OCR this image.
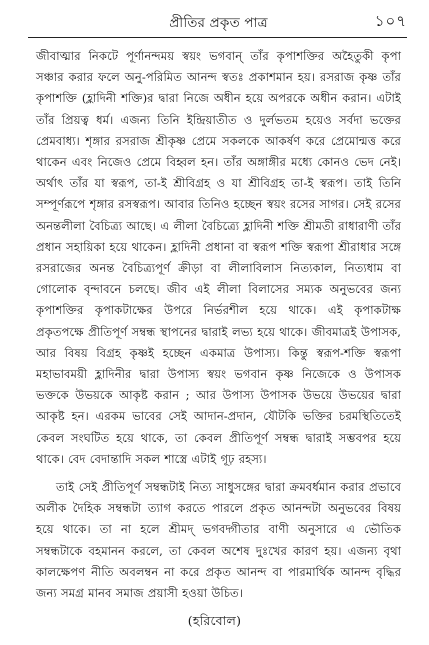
প্রীতির প্রকৃত পাত্র	১০৭

জীবাত্মার নিকটে পূর্ণানন্দময় স্বয়ং ভগবান্‌ তাঁর কৃপাশক্তির অহৈতুকী কৃপা সঞ্চার করার ফলে অনু-পরিমিত আনন্দ স্বতঃ প্রকাশমান হয়। রসরাজ কৃষ্ণ তাঁর কৃপাশক্তি (হ্লাদিনী শক্তি)র দ্বারা নিজে অধীন হয়ে অপরকে অধীন করান। এটাই তাঁর প্রিয়ত্ব ধর্ম। এজন্য তিনি ইন্দ্রিয়াতীত ও দুর্লভতম হয়েও সর্বদা ভক্তের প্রেমবাধ্য। শৃঙ্গার রসরাজ শ্রীকৃষ্ণ প্রেমে সকলকে আকর্ষণ করে প্রেমোন্মত্ত করে থাকেন এবং নিজেও প্রেমে বিহ্বল হন। তাঁর অঙ্গাঙ্গীর মধ্যে কোনও ভেদ নেই। অর্থাৎ তাঁর যা স্বরূপ, তা-ই শ্রীবিগ্রহ ও যা শ্রীবিগ্রহ তা-ই স্বরূপ। তাই তিনি সম্পূর্ণরূপে শৃঙ্গার রসস্বরূপ। আবার তিনিও হচ্ছেন স্বয়ং রসের সাগর। সেই রসের অনন্তলীলা বৈচিত্র্য আছে। এ লীলা বৈচিত্র্যে হ্লাদিনী শক্তি শ্রীমতী রাধারাণী তাঁর প্রধান সহায়িকা হয়ে থাকেন। হ্লাদিনী প্রধানা বা স্বরূপ শক্তি স্বরূপা শ্রীরাধার সঙ্গে রসরাজের অনন্ত বৈচিত্র্যপূর্ণ ক্রীড়া বা লীলাবিলাস নিত্যকাল, নিত্যধাম বা গোলোক বৃন্দাবনে চলছে। জীব এই লীলা বিলাসের সম্যক অনুভবের জন্য কৃপাশক্তির কৃপাকটাক্ষের উপরে নির্ভরশীল হয়ে থাকে। এই কৃপাকটাক্ষ প্রকৃতপক্ষে প্রীতিপূর্ণ সম্বন্ধ স্থাপনের দ্বারাই লভ্য হয়ে থাকে। জীবমাত্রই উপাসক, আর বিষয় বিগ্রহ কৃষ্ণই হচ্ছেন একমাত্র উপাস্য। কিন্তু স্বরূপ-শক্তি স্বরূপা মহাভাবময়ী হ্লাদিনীর দ্বারা উপাস্য স্বয়ং ভগবান কৃষ্ণ নিজেকে ও উপাসক ভক্তকে উভয়কে আকৃষ্ট করান ; আর উপাস্য উপাসক উভয়ে উভয়ের দ্বারা আকৃষ্ট হন। এরকম ভাবের সেই আদান-প্রদান, যৌটকি ভক্তির চরমস্থিতিতেই কেবল সংঘটিত হয়ে থাকে, তা কেবল প্রীতিপূর্ণ সম্বন্ধ দ্বারাই সম্ভবপর হয়ে থাকে। বেদ বেদান্তাদি সকল শাস্ত্রে এটাই গূঢ় রহস্য।

তাই সেই প্রীতিপূর্ণ সম্বন্ধটাই নিত্য সাধুসঙ্গের দ্বারা ক্রমবর্ধমান করার প্রভাবে অলীক দৈহিক সম্বন্ধটা ত্যাগ করতে পারলে প্রকৃত আনন্দটা অনুভবের বিষয় হয়ে থাকে। তা না হলে শ্রীমদ্‌ ভগবদ্গীতার বাণী অনুসারে এ ভৌতিক সম্বন্ধটাকে বহমানন করলে, তা কেবল অশেষ দুঃখের কারণ হয়। এজন্য বৃথা কালক্ষেপণ নীতি অবলম্বন না করে প্রকৃত আনন্দ বা পারমার্থিক আনন্দ বৃদ্ধির জন্য সমগ্র মানব সমাজ প্রয়াসী হওয়া উচিত।

(হরিবোল)
